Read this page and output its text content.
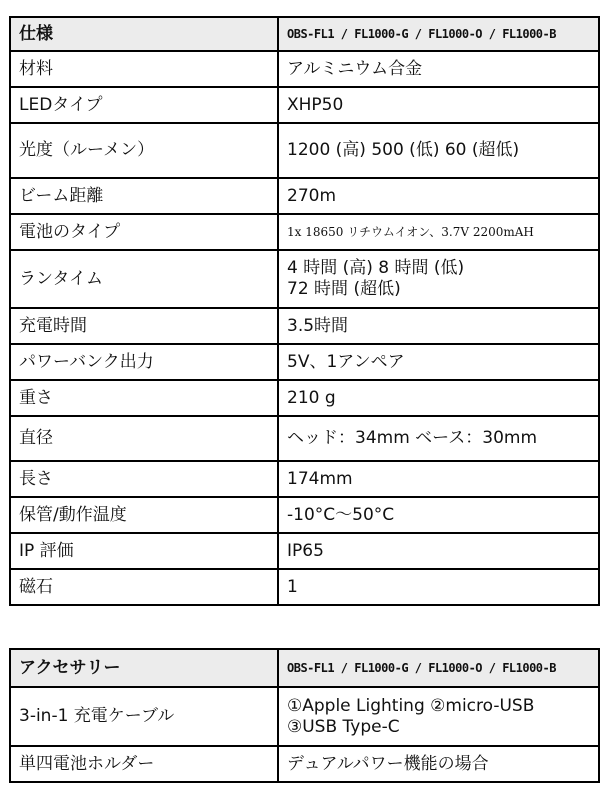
仕様	OBS-FL1 / FL1000-G / FL1000-O / FL1000-B
材料	アルミニウム合金
LEDタイプ	XHP50
光度（ルーメン）	1200 (高) 500 (低) 60 (超低)
ビーム距離	270m
電池のタイプ	1x 18650 リチウムイオン、3.7V 2200mAH
ランタイム	4 時間 (高) 8 時間 (低)
72 時間 (超低)

充電時間	3.5時間
パワーバンク出力	5V、1アンペア
重さ	210 g
直径	ヘッド：34mm ベース：30mm
長さ	174mm
保管/動作温度	-10°C〜50°C
IP 評価	IP65
磁石	1
アクセサリー	OBS-FL1 / FL1000-G / FL1000-O / FL1000-B
3-in-1 充電ケーブル	①Apple Lighting ②micro-USB
③USB Type-C

単四電池ホルダー	デュアルパワー機能の場合
